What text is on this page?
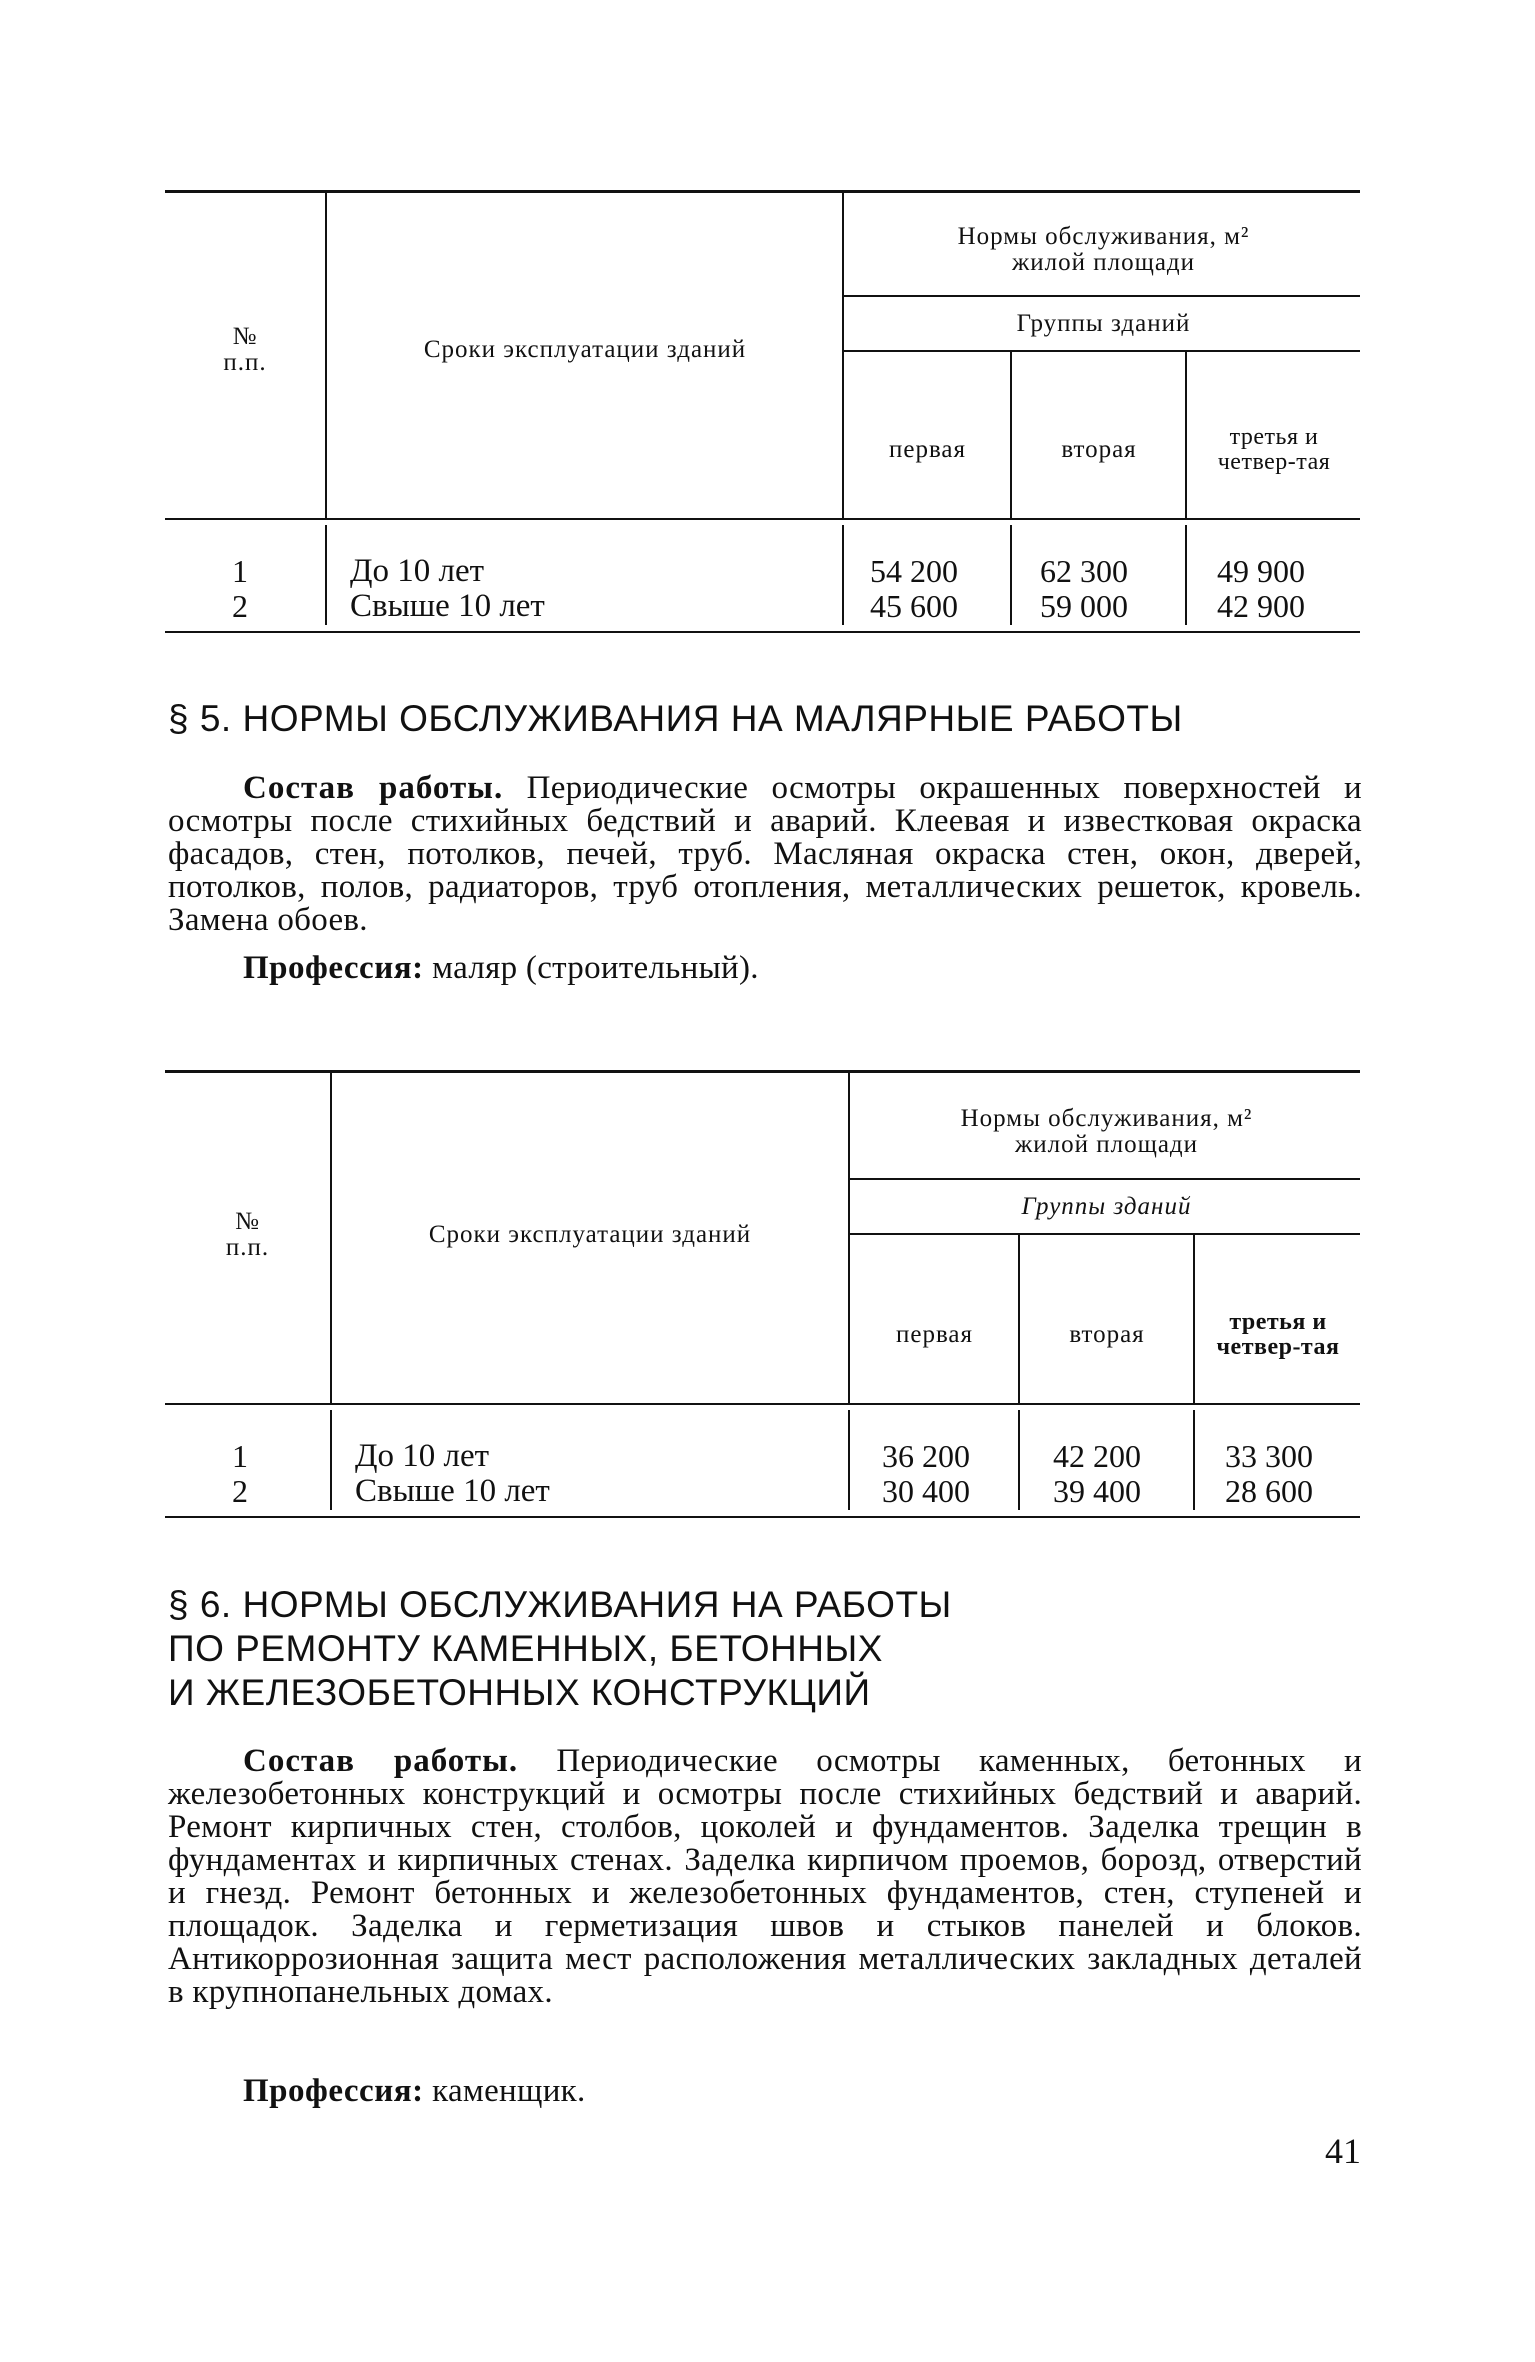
№ п.п.	Сроки эксплуатации зданий
Нормы обслуживания, м² жилой площади
Группы зданий
первая	вторая	третья и четвер-тая
1	До 10 лет	54 200	62 300	49 900
2	Свыше 10 лет	45 600	59 000	42 900
§ 5. НОРМЫ ОБСЛУЖИВАНИЯ НА МАЛЯРНЫЕ РАБОТЫ

Состав работы. Периодические осмотры окрашенных поверхностей и осмотры после стихийных бедствий и аварий. Клеевая и известковая окраска фасадов, стен, потолков, печей, труб. Масляная окраска стен, окон, дверей, потолков, полов, радиаторов, труб отопления, металлических решеток, кровель. Замена обоев.

Профессия: маляр (строительный).
№ п.п.	Сроки эксплуатации зданий
Нормы обслуживания, м² жилой площади
Группы зданий
первая	вторая	третья и четвер-тая
1	До 10 лет	36 200	42 200	33 300
2	Свыше 10 лет	30 400	39 400	28 600
§ 6. НОРМЫ ОБСЛУЖИВАНИЯ НА РАБОТЫ
ПО РЕМОНТУ КАМЕННЫХ, БЕТОННЫХ
И ЖЕЛЕЗОБЕТОННЫХ КОНСТРУКЦИЙ

Состав работы. Периодические осмотры каменных, бетонных и железобетонных конструкций и осмотры после стихийных бедствий и аварий. Ремонт кирпичных стен, столбов, цоколей и фундаментов. Заделка трещин в фундаментах и кирпичных стенах. Заделка кирпичом проемов, борозд, отверстий и гнезд. Ремонт бетонных и железобетонных фундаментов, стен, ступеней и площадок. Заделка и герметизация швов и стыков панелей и блоков. Антикоррозионная защита мест расположения металлических закладных деталей в крупнопанельных домах.

Профессия: каменщик.
41
